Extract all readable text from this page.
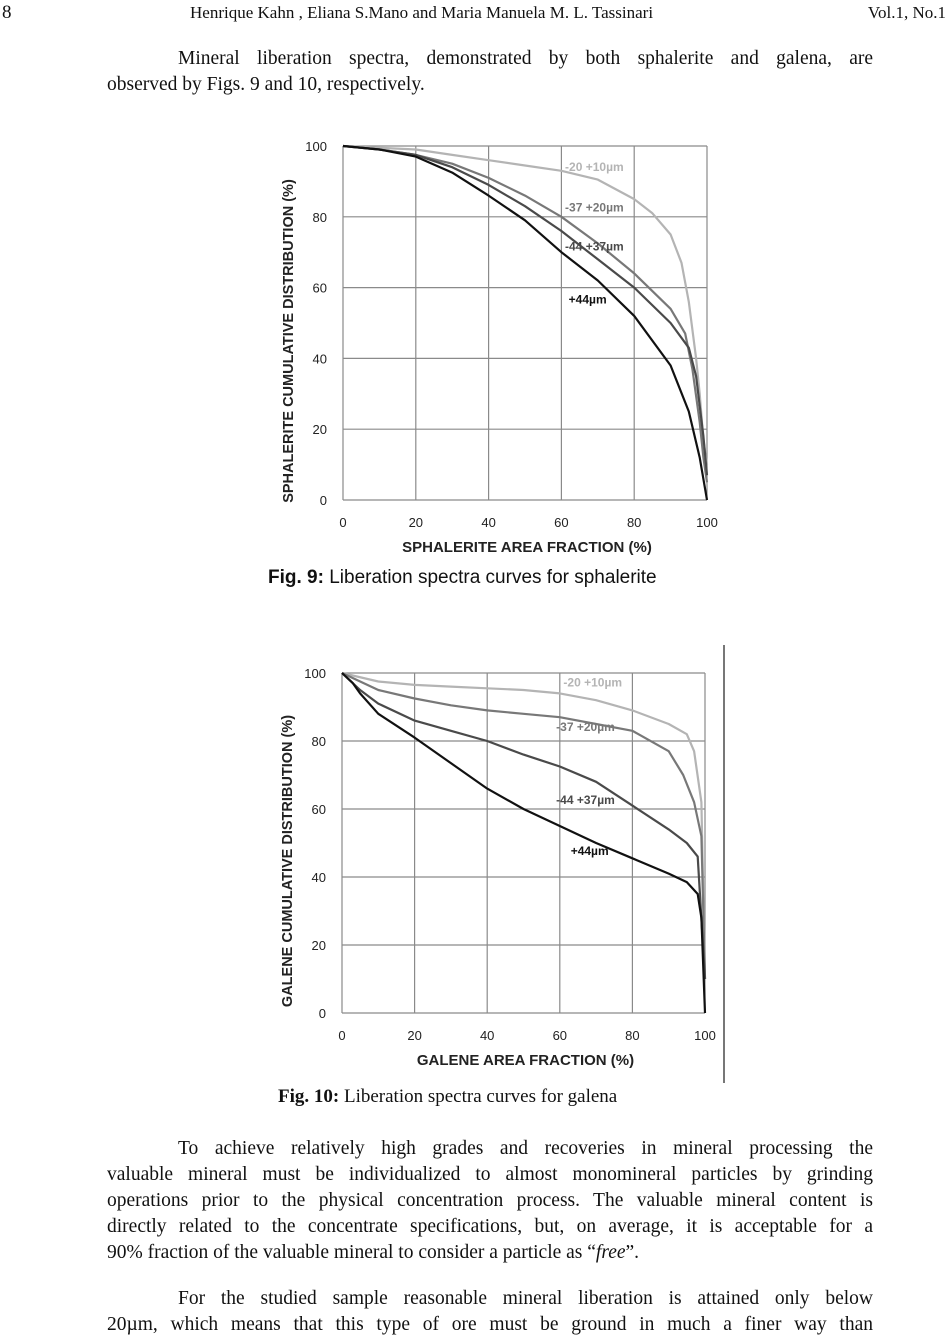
8	Henrique Kahn , Eliana S.Mano and Maria Manuela M. L. Tassinari	Vol.1, No.1
Mineral liberation spectra, demonstrated by both sphalerite and galena, are
observed by Figs. 9 and 10, respectively.
0	20	40	60	80	100
0
20
40
60
80
100
SPHALERITE AREA FRACTION (%)
SPHALERITE CUMULATIVE DISTRIBUTION (%)
-20 +10µm
-37 +20µm
-44 +37µm
+44µm
Fig. 9: Liberation spectra curves for sphalerite
0	20	40	60	80	100
0
20
40
60
80
100
GALENE AREA FRACTION (%)
GALENE CUMULATIVE DISTRIBUTION (%)
-20 +10µm
-37 +20µm
-44 +37µm
+44µm
Fig. 10: Liberation spectra curves for galena
To achieve relatively high grades and recoveries in mineral processing the
valuable mineral must be individualized to almost monomineral particles by grinding
operations prior to the physical concentration process. The valuable mineral content is
directly related to the concentrate specifications, but, on average, it is acceptable for a
90% fraction of the valuable mineral to consider a particle as “free”.
For the studied sample reasonable mineral liberation is attained only below
20µm, which means that this type of ore must be ground in much a finer way than
